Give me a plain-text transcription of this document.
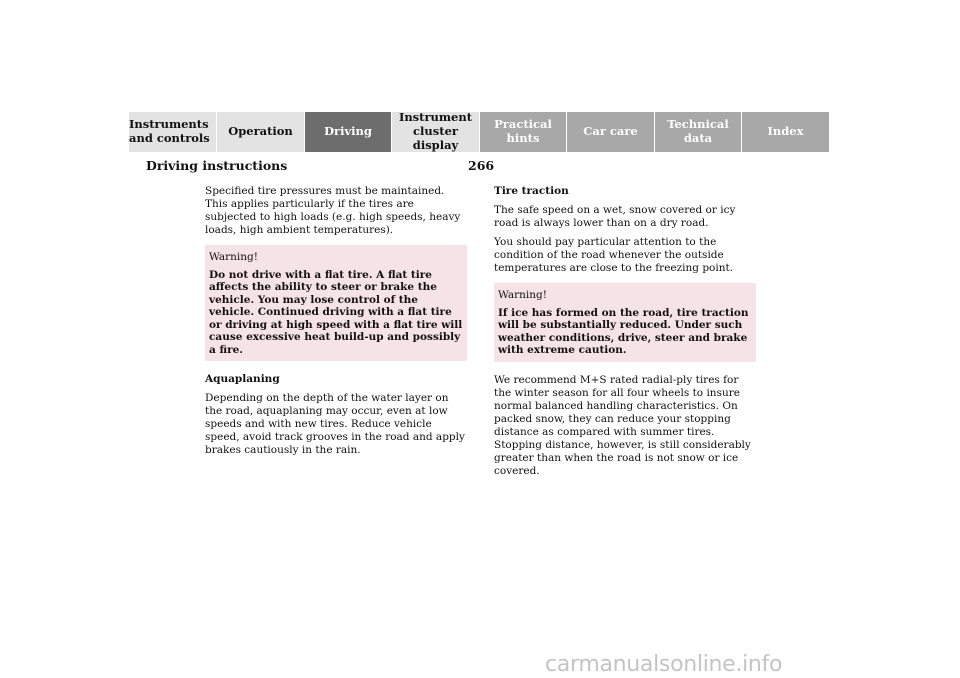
Instruments
and controls Operation	Driving
Instrument
cluster display
Practical hints	Car care	Technical
data	Index
Driving instructions	266

Specified tire pressures must be maintained. This applies particularly if the tires are subjected to high loads (e.g. high speeds, heavy loads, high ambient temperatures).

Warning!
Do not drive with a flat tire. A flat tire affects the ability to steer or brake the vehicle. You may lose control of the vehicle. Continued driving with a flat tire or driving at high speed with a flat tire will cause excessive heat build-up and possibly a fire.
Aquaplaning

Depending on the depth of the water layer on the road, aquaplaning may occur, even at low speeds and with new tires. Reduce vehicle speed, avoid track grooves in the road and apply brakes cautiously in the rain.

Tire traction

The safe speed on a wet, snow covered or icy road is always lower than on a dry road.

You should pay particular attention to the condition of the road whenever the outside temperatures are close to the freezing point.

Warning!
If ice has formed on the road, tire traction will be substantially reduced. Under such weather conditions, drive, steer and brake with extreme caution.

We recommend M+S rated radial-ply tires for the winter season for all four wheels to insure normal balanced handling characteristics. On packed snow, they can reduce your stopping distance as compared with summer tires. Stopping distance, however, is still considerably greater than when the road is not snow or ice covered.

carmanualsonline.info
